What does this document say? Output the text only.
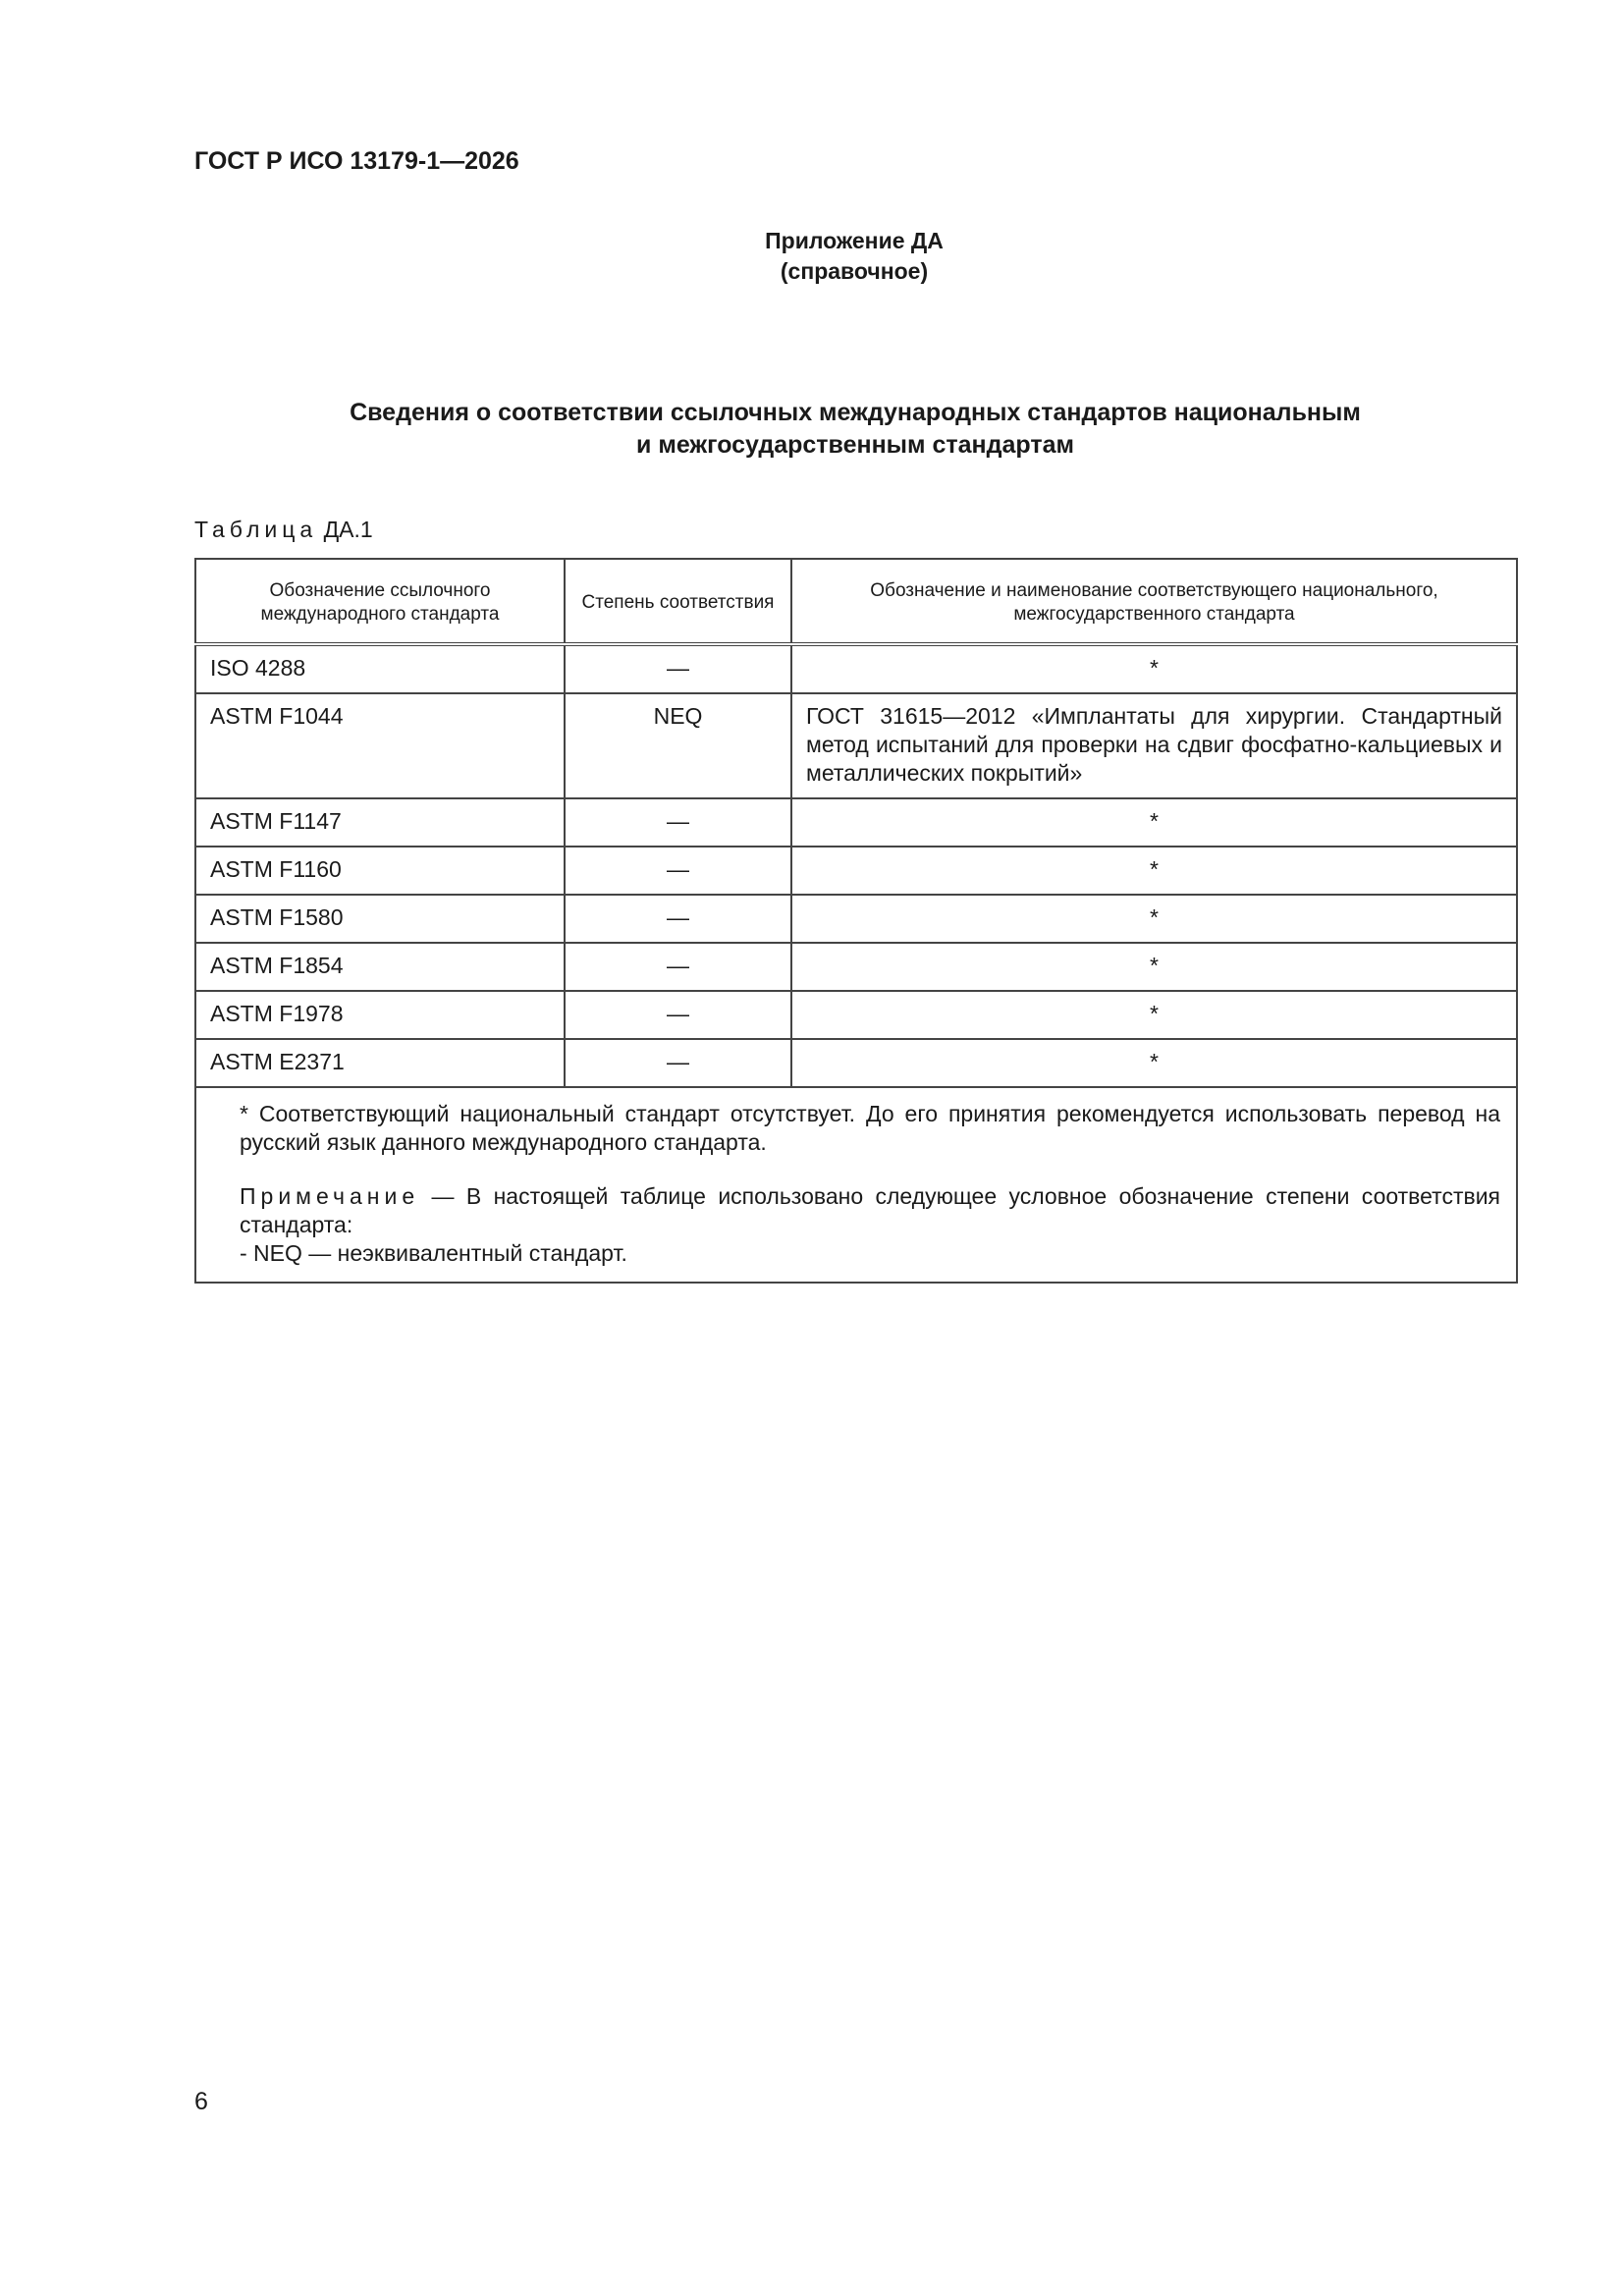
ГОСТ Р ИСО 13179-1—2026
Приложение ДА
(справочное)
Сведения о соответствии ссылочных международных стандартов национальным
и межгосударственным стандартам
Таблица ДА.1
Обозначение ссылочного международного стандарта	Степень соответствия	Обозначение и наименование соответствующего национального, межгосударственного стандарта
ISO 4288	—	*
ASTM F1044	NEQ	ГОСТ 31615—2012 «Имплантаты для хирургии. Стандартный метод испытаний для проверки на сдвиг фосфатно-кальциевых и металлических покрытий»
ASTM F1147	—	*
ASTM F1160	—	*
ASTM F1580	—	*
ASTM F1854	—	*
ASTM F1978	—	*
ASTM E2371	—	*

* Соответствующий национальный стандарт отсутствует. До его принятия рекомендуется использовать перевод на русский язык данного международного стандарта.

Примечание — В настоящей таблице использовано следующее условное обозначение степени соответствия стандарта:

- NEQ — неэквивалентный стандарт.		

6
